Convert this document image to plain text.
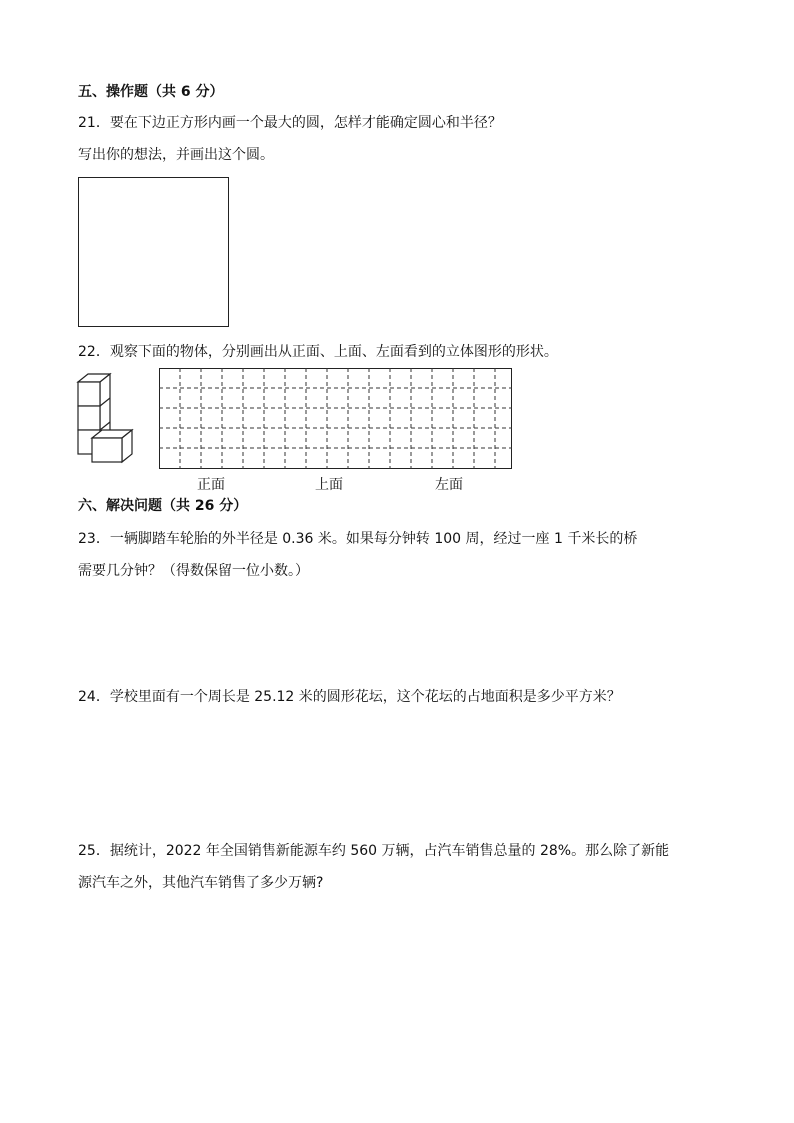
五、操作题（共 6 分）
21．要在下边正方形内画一个最大的圆，怎样才能确定圆心和半径？
写出你的想法，并画出这个圆。
22．观察下面的物体，分别画出从正面、上面、左面看到的立体图形的形状。
正面	上面	左面
六、解决问题（共 26 分）
23．一辆脚踏车轮胎的外半径是 0.36 米。如果每分钟转 100 周，经过一座 1 千米长的桥
需要几分钟？（得数保留一位小数。）
24．学校里面有一个周长是 25.12 米的圆形花坛，这个花坛的占地面积是多少平方米？
25．据统计，2022 年全国销售新能源车约 560 万辆，占汽车销售总量的 28%。那么除了新能
源汽车之外，其他汽车销售了多少万辆?
